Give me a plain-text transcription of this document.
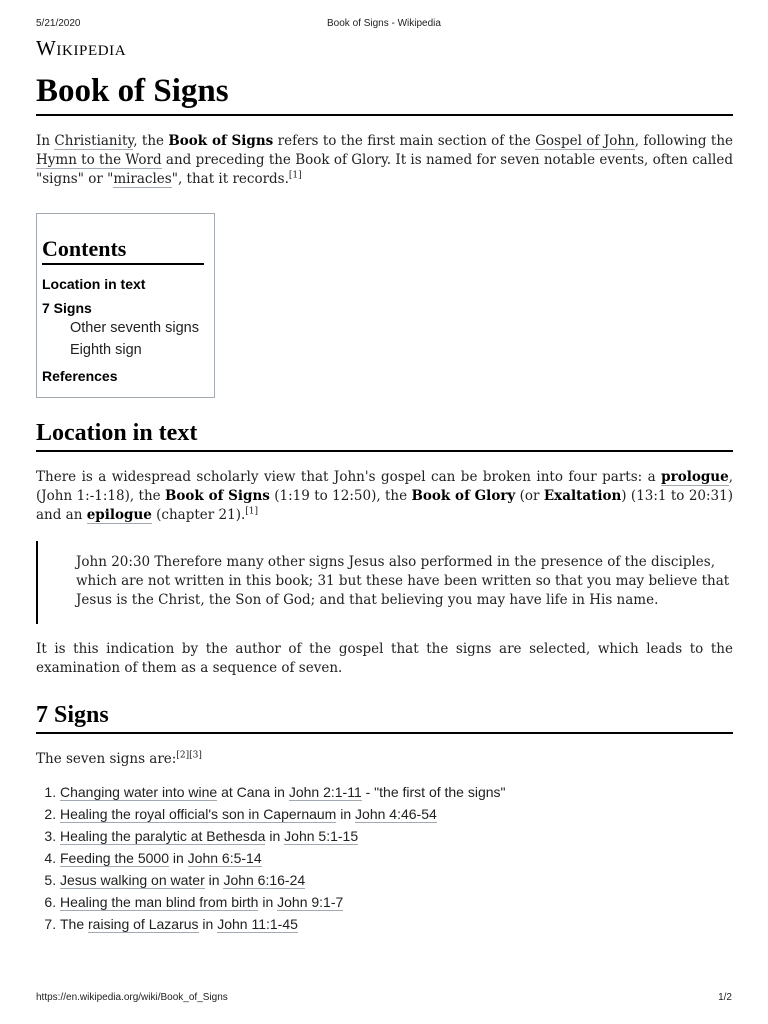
5/21/2020	Book of Signs - Wikipedia
Wikipedia
Book of Signs

In Christianity, the Book of Signs refers to the first main section of the Gospel of John, following the Hymn to the Word and preceding the Book of Glory. It is named for seven notable events, often called "signs" or "miracles", that it records.[1]

Contents
Location in text
7 Signs
Other seventh signs
Eighth sign
References
Location in text

There is a widespread scholarly view that John's gospel can be broken into four parts: a prologue, (John 1:-1:18), the Book of Signs (1:19 to 12:50), the Book of Glory (or Exaltation) (13:1 to 20:31) and an epilogue (chapter 21).[1]

John 20:30 Therefore many other signs Jesus also performed in the presence of the disciples, which are not written in this book; 31 but these have been written so that you may believe that Jesus is the Christ, the Son of God; and that believing you may have life in His name.

It is this indication by the author of the gospel that the signs are selected, which leads to the examination of them as a sequence of seven.

7 Signs

The seven signs are:[2][3]

1. Changing water into wine at Cana in John 2:1-11 - "the first of the signs"
2. Healing the royal official's son in Capernaum in John 4:46-54
3. Healing the paralytic at Bethesda in John 5:1-15
4. Feeding the 5000 in John 6:5-14
5. Jesus walking on water in John 6:16-24
6. Healing the man blind from birth in John 9:1-7
7. The raising of Lazarus in John 11:1-45
https://en.wikipedia.org/wiki/Book_of_Signs	1/2
